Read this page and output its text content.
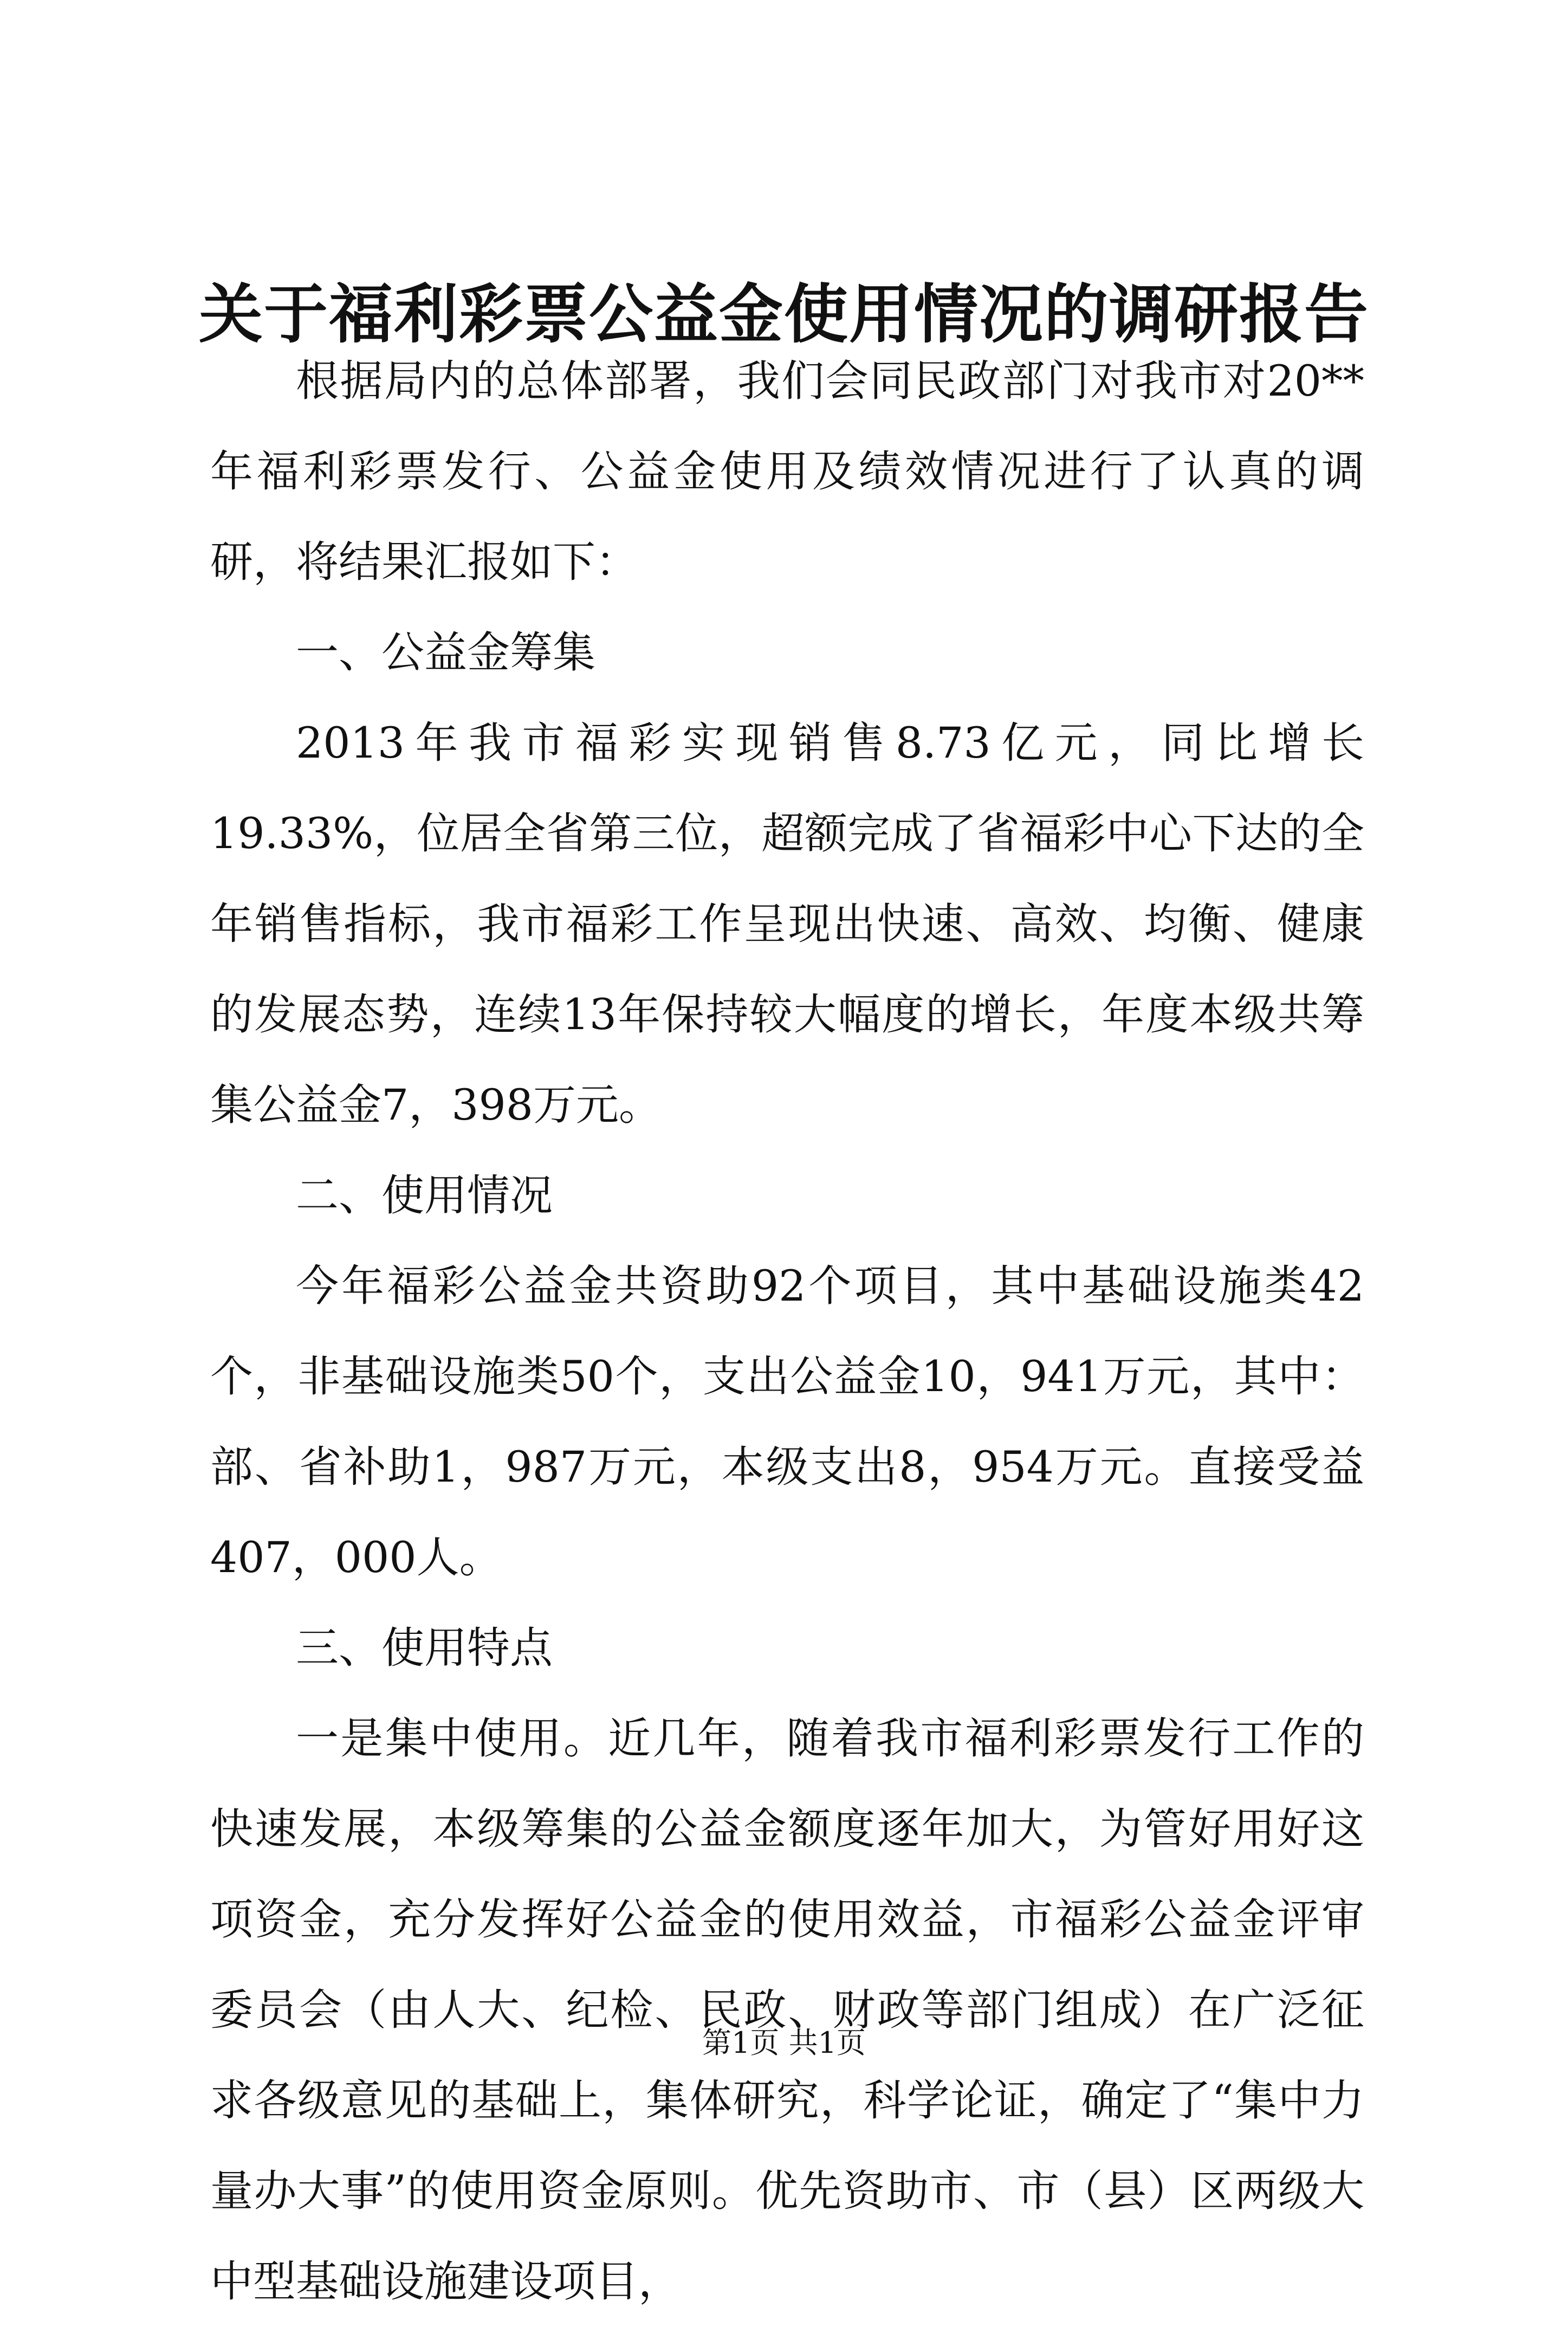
关于福利彩票公益金使用情况的调研报告

根据局内的总体部署，我们会同民政部门对我市对20**年福利彩票发行、公益金使用及绩效情况进行了认真的调研，将结果汇报如下：

一、公益金筹集

2013年我市福彩实现销售8.73亿元，同比增长19.33%，位居全省第三位，超额完成了省福彩中心下达的全年销售指标，我市福彩工作呈现出快速、高效、均衡、健康的发展态势，连续13年保持较大幅度的增长，年度本级共筹集公益金7，398万元。

二、使用情况

今年福彩公益金共资助92个项目，其中基础设施类42个，非基础设施类50个，支出公益金10，941万元，其中：部、省补助1，987万元，本级支出8，954万元。直接受益407，000人。

三、使用特点

一是集中使用。近几年，随着我市福利彩票发行工作的快速发展，本级筹集的公益金额度逐年加大，为管好用好这项资金，充分发挥好公益金的使用效益，市福彩公益金评审委员会（由人大、纪检、民政、财政等部门组成）在广泛征求各级意见的基础上，集体研究，科学论证，确定了“集中力量办大事”的使用资金原则。优先资助市、市（县）区两级大中型基础设施建设项目，

第1页 共1页
